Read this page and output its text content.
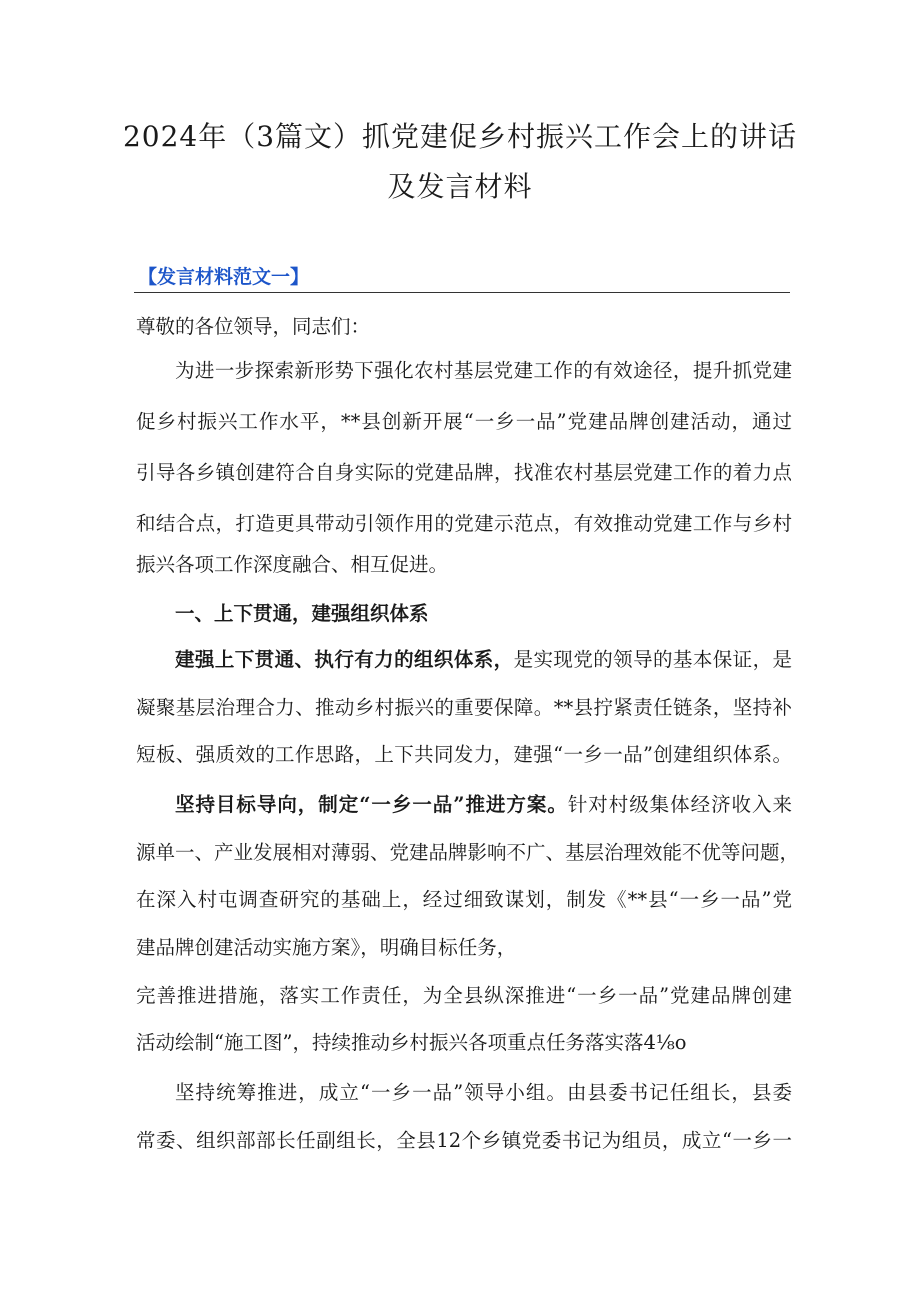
2024年（3篇文）抓党建促乡村振兴工作会上的讲话
及发言材料
【发言材料范文一】
尊敬的各位领导，同志们：
为进一步探索新形势下强化农村基层党建工作的有效途径，提升抓党建
促乡村振兴工作水平，**县创新开展“一乡一品”党建品牌创建活动，通过
引导各乡镇创建符合自身实际的党建品牌，找准农村基层党建工作的着力点
和结合点，打造更具带动引领作用的党建示范点，有效推动党建工作与乡村
振兴各项工作深度融合、相互促进。
一、上下贯通，建强组织体系
建强上下贯通、执行有力的组织体系，是实现党的领导的基本保证，是
凝聚基层治理合力、推动乡村振兴的重要保障。**县拧紧责任链条，坚持补
短板、强质效的工作思路，上下共同发力，建强“一乡一品”创建组织体系。
坚持目标导向，制定“一乡一品”推进方案。针对村级集体经济收入来
源单一、产业发展相对薄弱、党建品牌影响不广、基层治理效能不优等问题，
在深入村屯调查研究的基础上，经过细致谋划，制发《**县“一乡一品”党
建品牌创建活动实施方案》，明确目标任务，
完善推进措施，落实工作责任，为全县纵深推进“一乡一品”党建品牌创建
活动绘制“施工图”，持续推动乡村振兴各项重点任务落实落4⅛o
坚持统筹推进，成立“一乡一品”领导小组。由县委书记任组长，县委
常委、组织部部长任副组长，全县12个乡镇党委书记为组员，成立“一乡一
